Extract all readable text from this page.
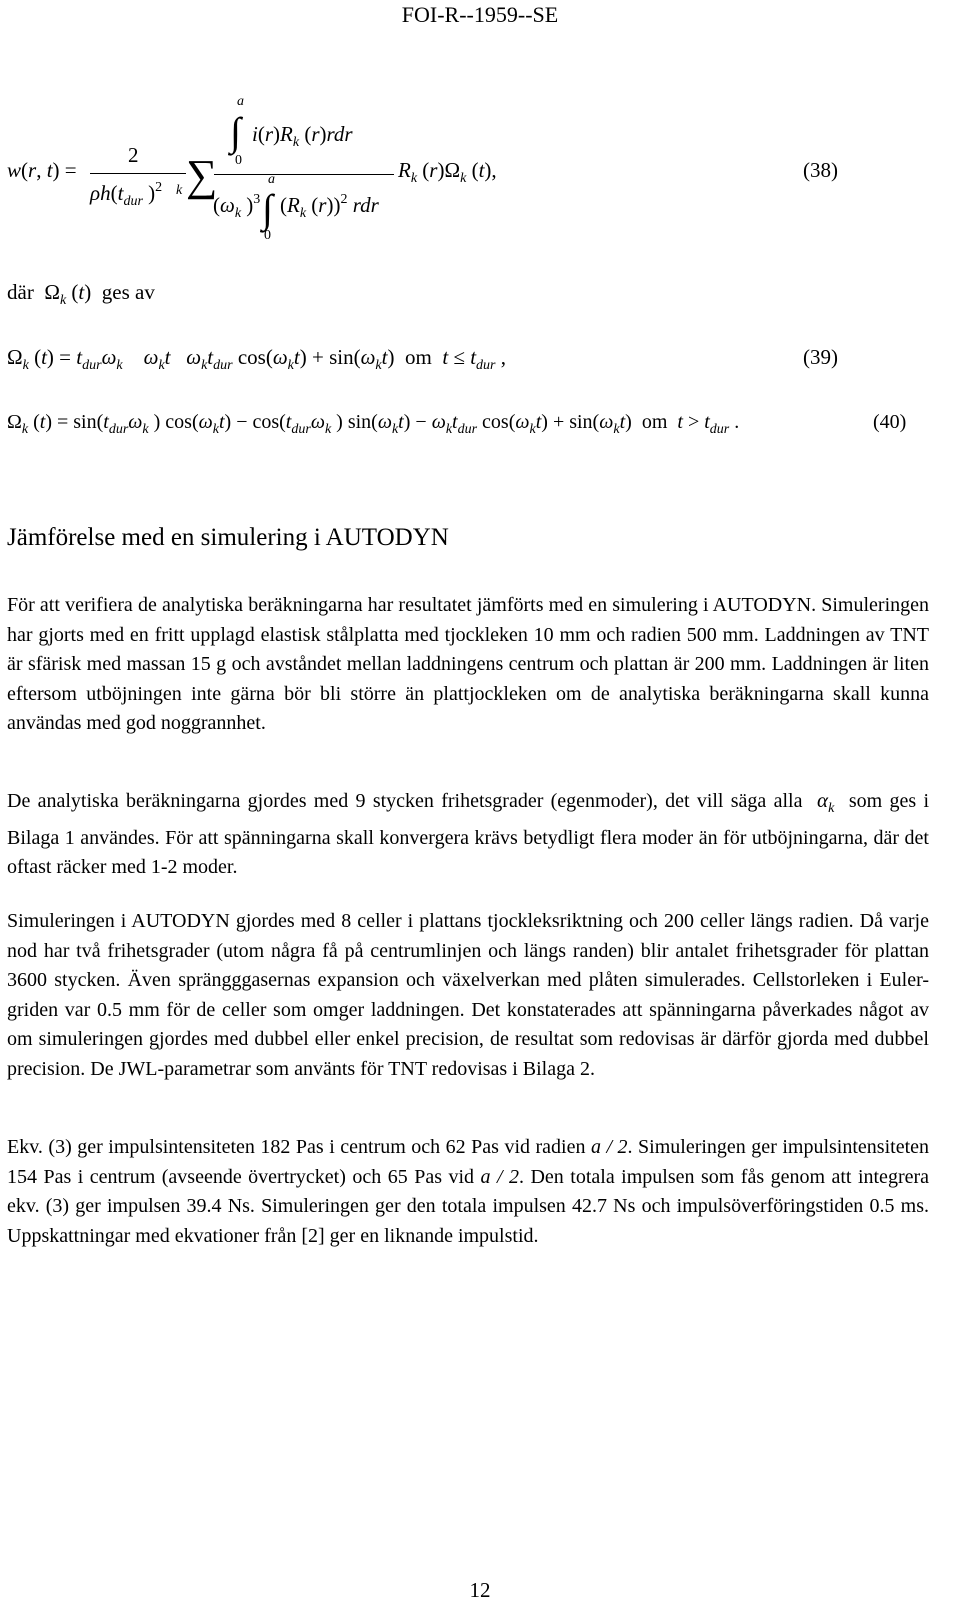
FOI-R--1959--SE
w(r, t) =
2
$\rho h(t_{dur}$ )$^2$ ∑
k
a
∫ $i(r)R_k$ (r)rdr
0
a
($\omega_k$ )$^3$ ∫ ($R_k$ (r))$^2$ rdr
0
$R_k$ $(r)\Omega_k$ (t),	(38)
där  $\Omega_k$ (t)  ges av
$\Omega_k$ $(t) = t_{dur}\omega_k$ $\omega_kt$ $\omega_kt_{dur}$ $\cos(\omega_kt) + \sin(\omega_kt)$  om $t \le t_{dur}$ ,	(39)
$\Omega_k$ $(t) = \sin(t_{dur}\omega_k$ ) $\cos(\omega_kt) - \cos(t_{dur}\omega_k$ ) $\sin(\omega_kt) - \omega_kt_{dur}$ $\cos(\omega_kt) + \sin(\omega_kt)$  om $t > t_{dur}$ .	(40)
Jämförelse med en simulering i AUTODYN

För att verifiera de analytiska beräkningarna har resultatet jämförts med en simulering i AUTODYN. Simuleringen har gjorts med en fritt upplagd elastisk stålplatta med tjockleken 10 mm och radien 500 mm. Laddningen av TNT är sfärisk med massan 15 g och avståndet mellan laddningens centrum och plattan är 200 mm. Laddningen är liten eftersom utböjningen inte gärna bör bli större än plattjockleken om de analytiska beräkningarna skall kunna användas med god noggrannhet.

De analytiska beräkningarna gjordes med 9 stycken frihetsgrader (egenmoder), det vill säga alla $\alpha_k$ som ges i Bilaga 1 användes. För att spänningarna skall konvergera krävs betydligt flera moder än för utböjningarna, där det oftast räcker med 1-2 moder.

Simuleringen i AUTODYN gjordes med 8 celler i plattans tjockleksriktning och 200 celler längs radien. Då varje nod har två frihetsgrader (utom några få på centrumlinjen och längs randen) blir antalet frihetsgrader för plattan 3600 stycken. Även sprängggasernas expansion och växelverkan med plåten simulerades. Cellstorleken i Euler-griden var 0.5 mm för de celler som omger laddningen. Det konstaterades att spänningarna påverkades något av om simuleringen gjordes med dubbel eller enkel precision, de resultat som redovisas är därför gjorda med dubbel precision. De JWL-parametrar som använts för TNT redovisas i Bilaga 2.

Ekv. (3) ger impulsintensiteten 182 Pas i centrum och 62 Pas vid radien a / 2. Simuleringen ger impulsintensiteten 154 Pas i centrum (avseende övertrycket) och 65 Pas vid a / 2. Den totala impulsen som fås genom att integrera ekv. (3) ger impulsen 39.4 Ns. Simuleringen ger den totala impulsen 42.7 Ns och impulsöverföringstiden 0.5 ms. Uppskattningar med ekvationer från [2] ger en liknande impulstid.

12
